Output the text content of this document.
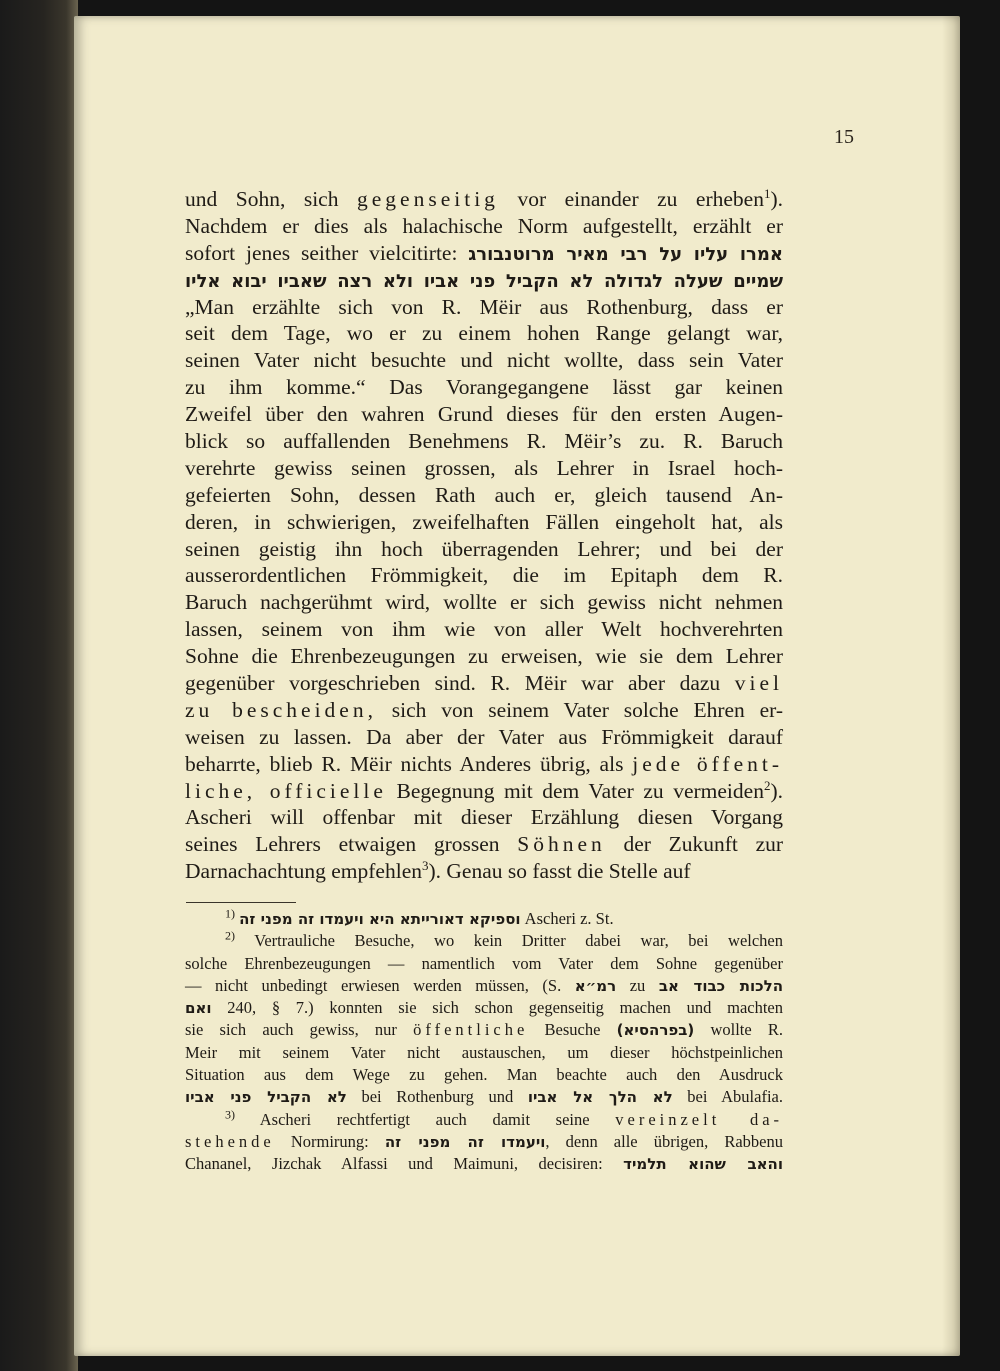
15
und Sohn, sich gegenseitig vor einander zu erheben$^1$).
Nachdem er dies als halachische Norm aufgestellt, erzählt er
sofort jenes seither vielcitirte: אמרו עליו על רבי מאיר מרוטנבורג
שמיים שעלה לגדולה לא הקביל פני אביו ולא רצה שאביו יבוא אליו
„Man erzählte sich von R. Mëir aus Rothenburg, dass er
seit dem Tage, wo er zu einem hohen Range gelangt war,
seinen Vater nicht besuchte und nicht wollte, dass sein Vater
zu ihm komme.“ Das Vorangegangene lässt gar keinen
Zweifel über den wahren Grund dieses für den ersten Augen-
blick so auffallenden Benehmens R. Mëir’s zu. R. Baruch
verehrte gewiss seinen grossen, als Lehrer in Israel hoch-
gefeierten Sohn, dessen Rath auch er, gleich tausend An-
deren, in schwierigen, zweifelhaften Fällen eingeholt hat, als
seinen geistig ihn hoch überragenden Lehrer; und bei der
ausserordentlichen Frömmigkeit, die im Epitaph dem R.
Baruch nachgerühmt wird, wollte er sich gewiss nicht nehmen
lassen, seinem von ihm wie von aller Welt hochverehrten
Sohne die Ehrenbezeugungen zu erweisen, wie sie dem Lehrer
gegenüber vorgeschrieben sind. R. Mëir war aber dazu viel
zu bescheiden, sich von seinem Vater solche Ehren er-
weisen zu lassen. Da aber der Vater aus Frömmigkeit darauf
beharrte, blieb R. Mëir nichts Anderes übrig, als jede öffent-
liche, officielle Begegnung mit dem Vater zu vermeiden$^2$).
Ascheri will offenbar mit dieser Erzählung diesen Vorgang
seines Lehrers etwaigen grossen Söhnen der Zukunft zur
Darnachachtung empfehlen$^3$). Genau so fasst die Stelle auf
$^{1)}$ וספיקא דאורייתא היא ויעמדו זה מפני זה Ascheri z. St.
$^{2)}$ Vertrauliche Besuche, wo kein Dritter dabei war, bei welchen
solche Ehrenbezeugungen — namentlich vom Vater dem Sohne gegenüber
— nicht unbedingt erwiesen werden müssen, (S. רמ״א zu הלכות כבוד אב
ואם 240, § 7.) konnten sie sich schon gegenseitig machen und machten
sie sich auch gewiss, nur öffentliche Besuche (בפרהסיא) wollte R.
Meir mit seinem Vater nicht austauschen, um dieser höchstpeinlichen
Situation aus dem Wege zu gehen. Man beachte auch den Ausdruck
לא הקביל פני אביו bei Rothenburg und לא הלך אל אביו bei Abulafia.
$^{3)}$ Ascheri rechtfertigt auch damit seine vereinzelt da-
stehende Normirung: ויעמדו זה מפני זה, denn alle übrigen, Rabbenu
Chananel, Jizchak Alfassi und Maimuni, decisiren: והאב שהוא תלמיד
